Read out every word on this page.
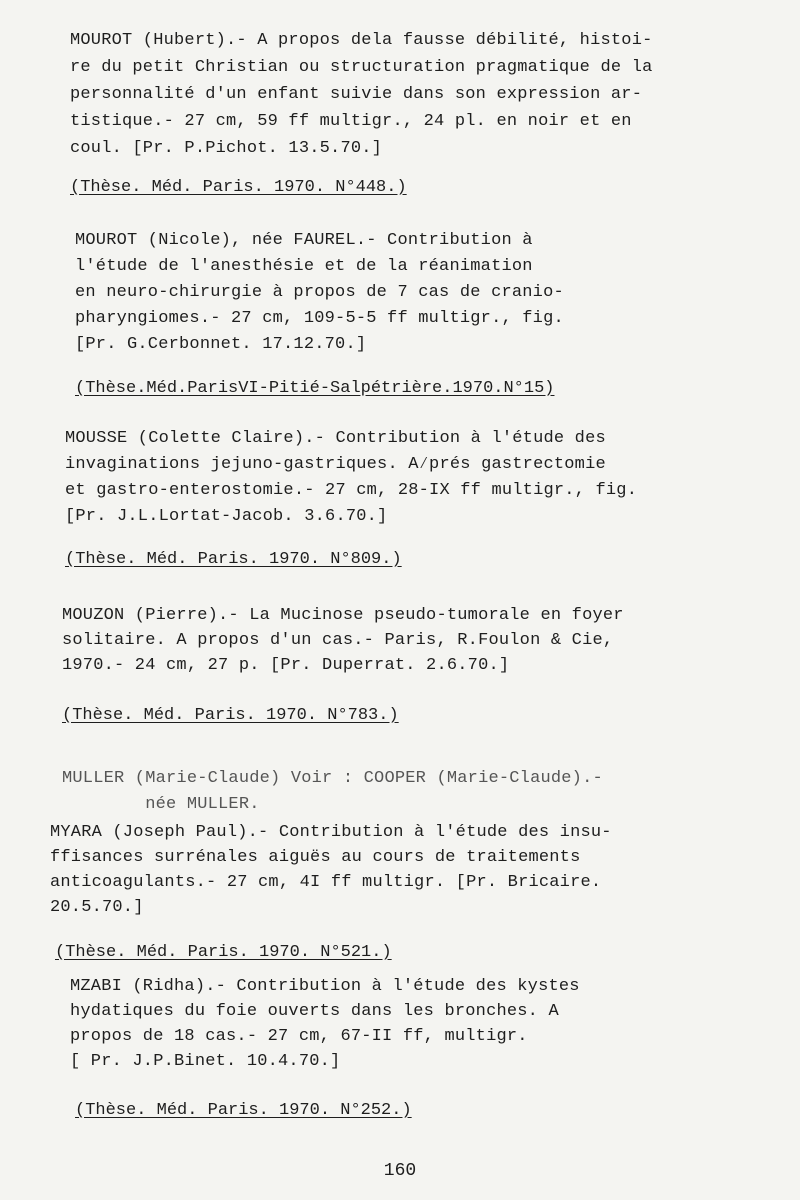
MOUROT (Hubert).- A propos dela fausse débilité, histoi-
re du petit Christian ou structuration pragmatique de la
personnalité d'un enfant suivie dans son expression ar-
tistique.- 27 cm, 59 ff multigr., 24 pl. en noir et en
coul. [Pr. P.Pichot. 13.5.70.]
(Thèse. Méd. Paris. 1970. N°448.)
MOUROT (Nicole), née FAUREL.- Contribution à
l'étude de l'anesthésie et de la réanimation
en neuro-chirurgie à propos de 7 cas de cranio-
pharyngiomes.- 27 cm, 109-5-5 ff multigr., fig.
[Pr. G.Cerbonnet. 17.12.70.]
(Thèse.Méd.ParisVI-Pitié-Salpétrière.1970.N°15)
MOUSSE (Colette Claire).- Contribution à l'étude des
invaginations jejuno-gastriques. A⁄prés gastrectomie
et gastro-enterostomie.- 27 cm, 28-IX ff multigr., fig.
[Pr. J.L.Lortat-Jacob. 3.6.70.]
(Thèse. Méd. Paris. 1970. N°809.)
MOUZON (Pierre).- La Mucinose pseudo-tumorale en foyer
solitaire. A propos d'un cas.- Paris, R.Foulon & Cie,
1970.- 24 cm, 27 p. [Pr. Duperrat. 2.6.70.]
(Thèse. Méd. Paris. 1970. N°783.)
MULLER (Marie-Claude) Voir : COOPER (Marie-Claude).-
née MULLER.
MYARA (Joseph Paul).- Contribution à l'étude des insu-
ffisances surrénales aiguës au cours de traitements
anticoagulants.- 27 cm, 4I ff multigr. [Pr. Bricaire.
20.5.70.]
(Thèse. Méd. Paris. 1970. N°521.)
MZABI (Ridha).- Contribution à l'étude des kystes
hydatiques du foie ouverts dans les bronches. A
propos de 18 cas.- 27 cm, 67-II ff, multigr.
[ Pr. J.P.Binet. 10.4.70.]
(Thèse. Méd. Paris. 1970. N°252.)
160
